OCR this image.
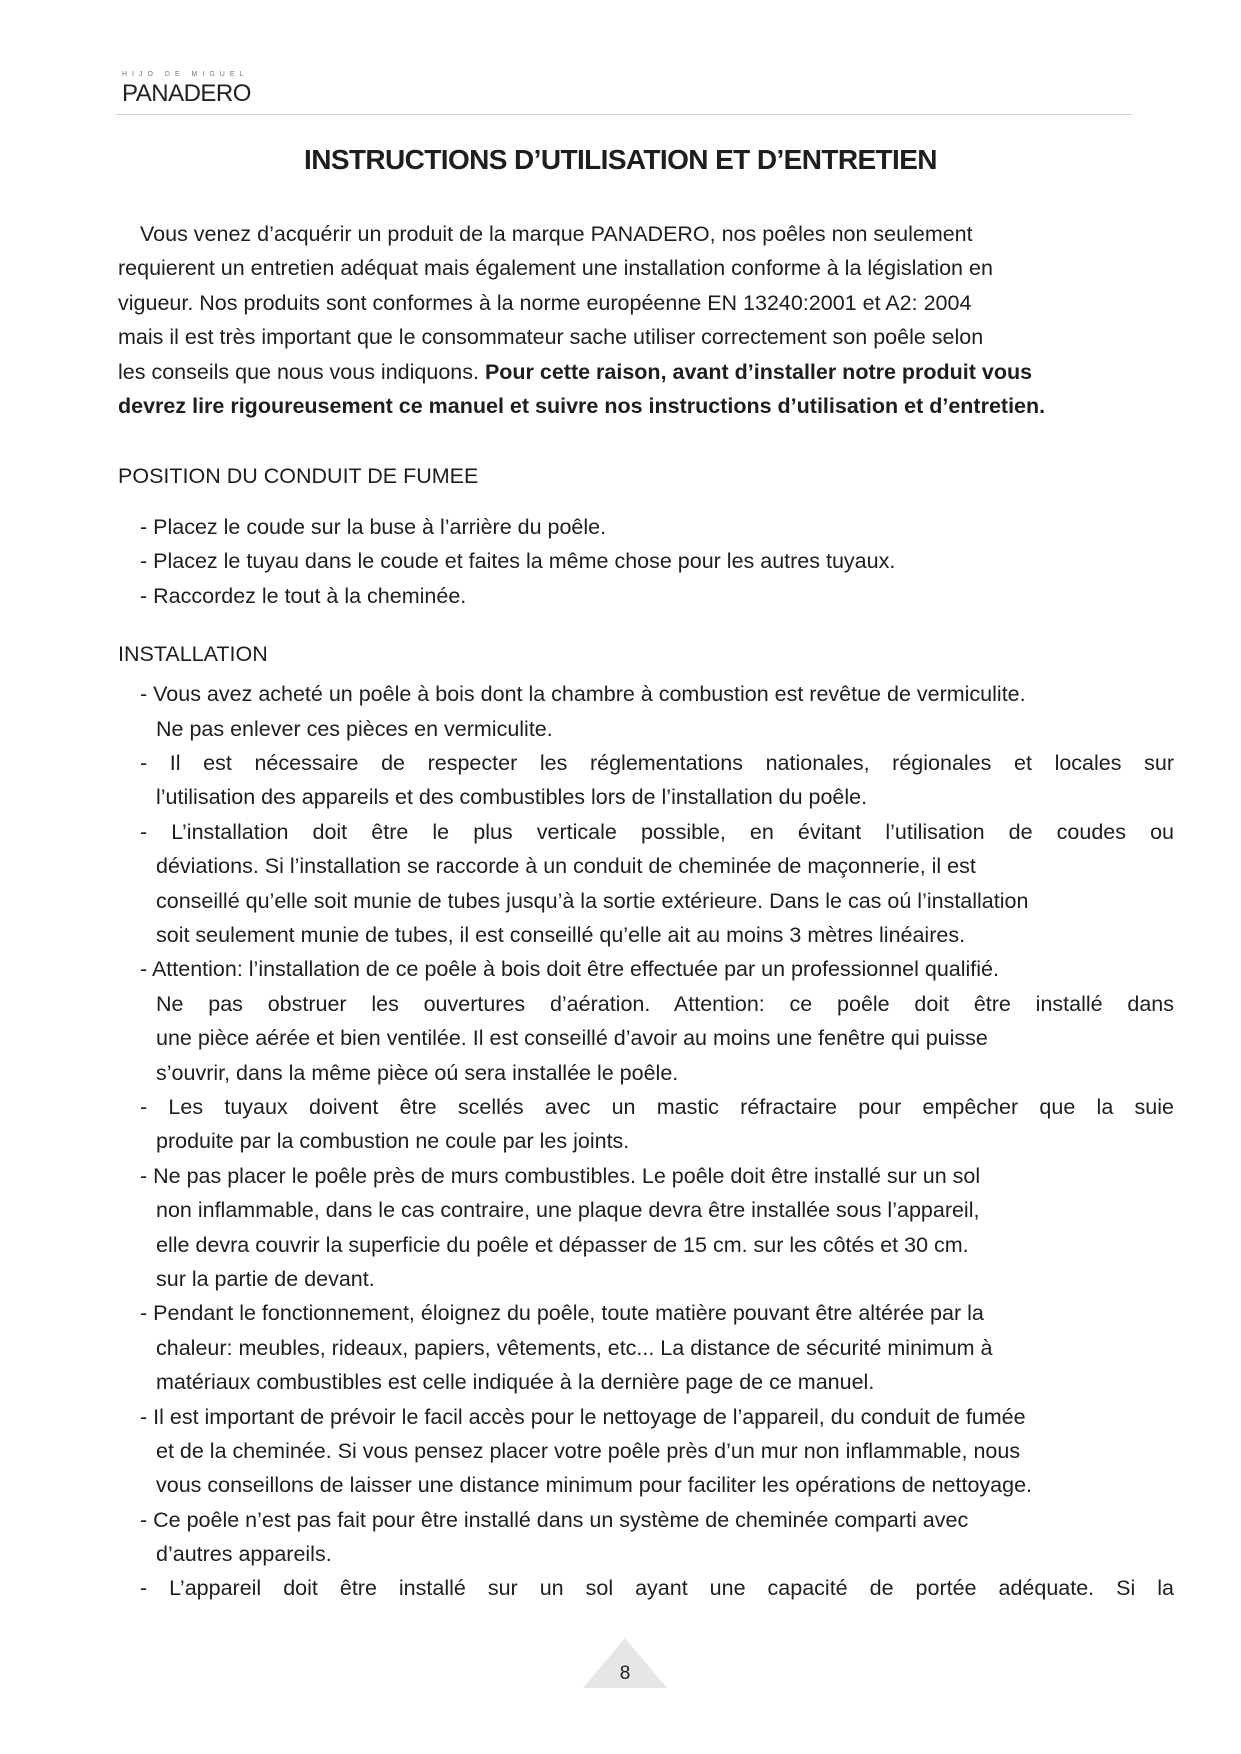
HIJO DE MIGUEL
PANADERO
INSTRUCTIONS D’UTILISATION ET D’ENTRETIEN
Vous venez d’acquérir un produit de la marque PANADERO, nos poêles non seulement
requierent un entretien adéquat mais également une installation conforme à la législation en
vigueur. Nos produits sont conformes à la norme européenne EN 13240:2001 et A2: 2004
mais il est très important que le consommateur sache utiliser correctement son poêle selon
les conseils que nous vous indiquons. Pour cette raison, avant d’installer notre produit vous
devrez lire rigoureusement ce manuel et suivre nos instructions d’utilisation et d’entretien.
POSITION DU CONDUIT DE FUMEE
- Placez le coude sur la buse à l’arrière du poêle.
- Placez le tuyau dans le coude et faites la même chose pour les autres tuyaux.
- Raccordez le tout à la cheminée.
INSTALLATION
- Vous avez acheté un poêle à bois dont la chambre à combustion est revêtue de vermiculite.
Ne pas enlever ces pièces en vermiculite.
- Il est nécessaire de respecter les réglementations nationales, régionales et locales sur
l’utilisation des appareils et des combustibles lors de l’installation du poêle.
- L’installation doit être le plus verticale possible, en évitant l’utilisation de coudes ou
déviations. Si l’installation se raccorde à un conduit de cheminée de maçonnerie, il est
conseillé qu’elle soit munie de tubes jusqu’à la sortie extérieure. Dans le cas oú l’installation
soit seulement munie de tubes, il est conseillé qu’elle ait au moins 3 mètres linéaires.
- Attention: l’installation de ce poêle à bois doit être effectuée par un professionnel qualifié.
Ne pas obstruer les ouvertures d’aération. Attention: ce poêle doit être installé dans
une pièce aérée et bien ventilée. Il est conseillé d’avoir au moins une fenêtre qui puisse
s’ouvrir, dans la même pièce oú sera installée le poêle.
- Les tuyaux doivent être scellés avec un mastic réfractaire pour empêcher que la suie
produite par la combustion ne coule par les joints.
- Ne pas placer le poêle près de murs combustibles. Le poêle doit être installé sur un sol
non inflammable, dans le cas contraire, une plaque devra être installée sous l’appareil,
elle devra couvrir la superficie du poêle et dépasser de 15 cm. sur les côtés et 30 cm.
sur la partie de devant.
- Pendant le fonctionnement, éloignez du poêle, toute matière pouvant être altérée par la
chaleur: meubles, rideaux, papiers, vêtements, etc... La distance de sécurité minimum à
matériaux combustibles est celle indiquée à la dernière page de ce manuel.
- Il est important de prévoir le facil accès pour le nettoyage de l’appareil, du conduit de fumée
et de la cheminée. Si vous pensez placer votre poêle près d’un mur non inflammable, nous
vous conseillons de laisser une distance minimum pour faciliter les opérations de nettoyage.
- Ce poêle n’est pas fait pour être installé dans un système de cheminée comparti avec
d’autres appareils.
- L’appareil doit être installé sur un sol ayant une capacité de portée adéquate. Si la
8
